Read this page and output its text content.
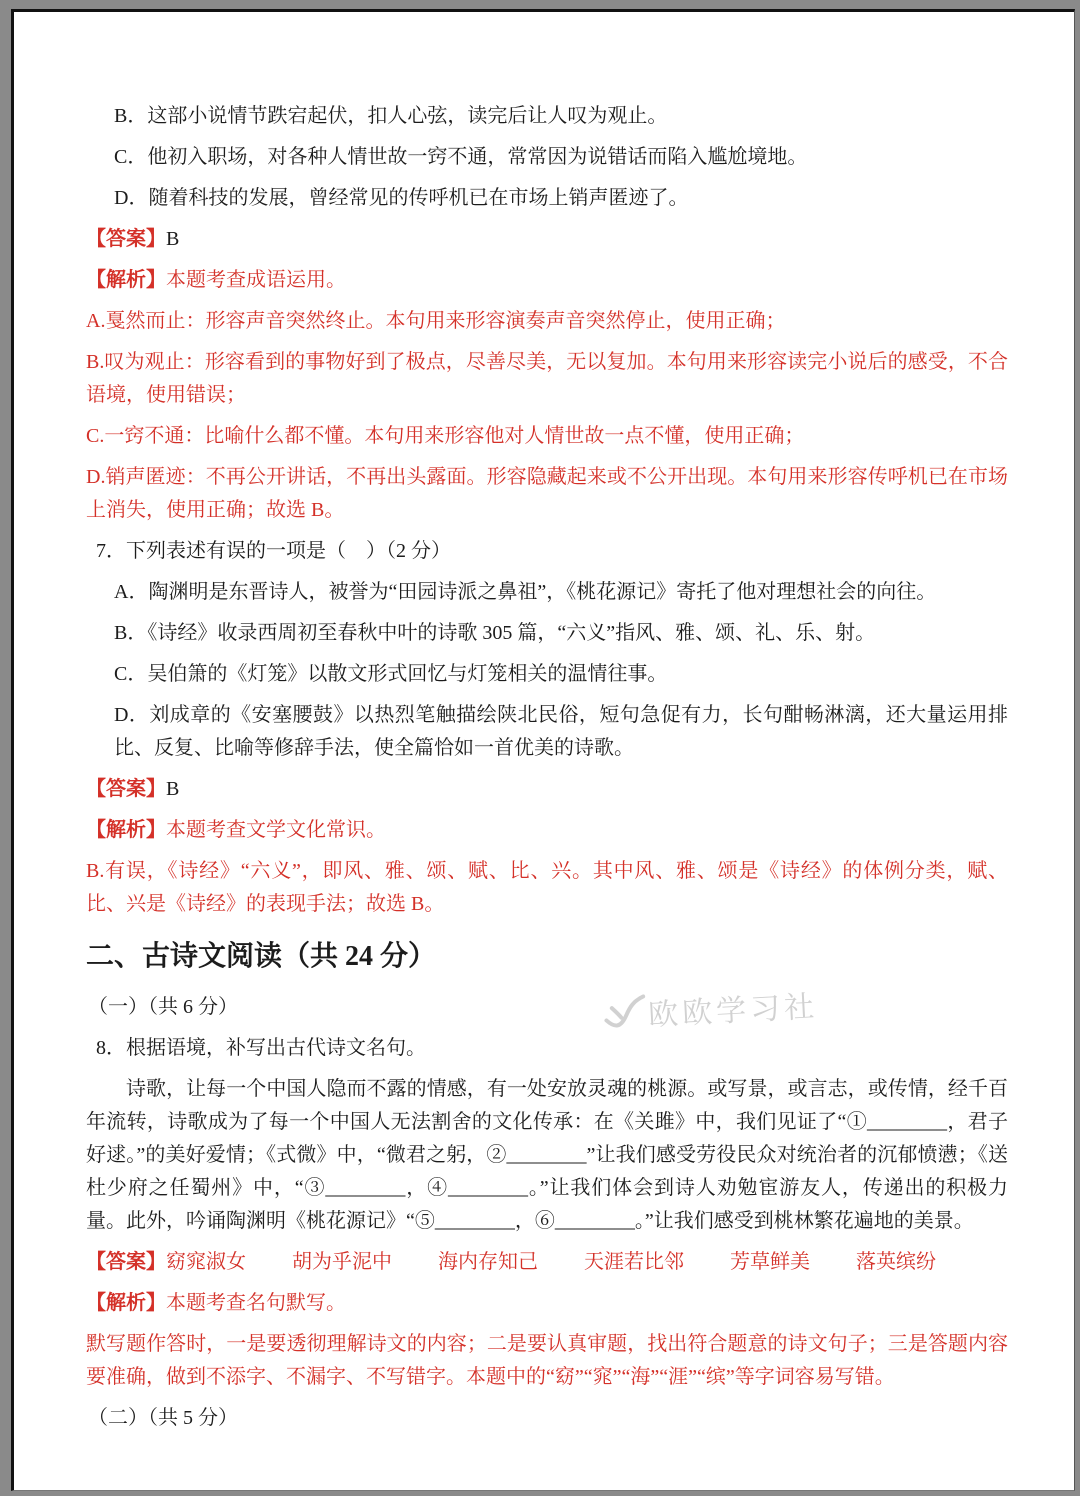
欧欧学习社
B．这部小说情节跌宕起伏，扣人心弦，读完后让人叹为观止。
C．他初入职场，对各种人情世故一窍不通，常常因为说错话而陷入尴尬境地。
D．随着科技的发展，曾经常见的传呼机已在市场上销声匿迹了。
【答案】B
【解析】本题考查成语运用。
A.戛然而止：形容声音突然终止。本句用来形容演奏声音突然停止，使用正确；
B.叹为观止：形容看到的事物好到了极点，尽善尽美，无以复加。本句用来形容读完小说后的感受，不合语境，使用错误；
C.一窍不通：比喻什么都不懂。本句用来形容他对人情世故一点不懂，使用正确；
D.销声匿迹：不再公开讲话，不再出头露面。形容隐藏起来或不公开出现。本句用来形容传呼机已在市场上消失，使用正确；故选 B。
7．下列表述有误的一项是（　）（2 分）
A．陶渊明是东晋诗人，被誉为“田园诗派之鼻祖”，《桃花源记》寄托了他对理想社会的向往。
B．《诗经》收录西周初至春秋中叶的诗歌 305 篇，“六义”指风、雅、颂、礼、乐、射。
C．吴伯箫的《灯笼》以散文形式回忆与灯笼相关的温情往事。
D．刘成章的《安塞腰鼓》以热烈笔触描绘陕北民俗，短句急促有力，长句酣畅淋漓，还大量运用排比、反复、比喻等修辞手法，使全篇恰如一首优美的诗歌。
【答案】B
【解析】本题考查文学文化常识。
B.有误，《诗经》“六义”，即风、雅、颂、赋、比、兴。其中风、雅、颂是《诗经》的体例分类，赋、比、兴是《诗经》的表现手法；故选 B。
二、古诗文阅读（共 24 分）
（一）（共 6 分）
8．根据语境，补写出古代诗文名句。
诗歌，让每一个中国人隐而不露的情感，有一处安放灵魂的桃源。或写景，或言志，或传情，经千百年流转，诗歌成为了每一个中国人无法割舍的文化传承：在《关雎》中，我们见证了“①________，君子好逑。”的美好爱情；《式微》中，“微君之躬，②________”让我们感受劳役民众对统治者的沉郁愤懑；《送杜少府之任蜀州》中，“③________，④________。”让我们体会到诗人劝勉宦游友人，传递出的积极力量。此外，吟诵陶渊明《桃花源记》“⑤________，⑥________。”让我们感受到桃林繁花遍地的美景。
【答案】窈窕淑女 胡为乎泥中 海内存知己 天涯若比邻 芳草鲜美 落英缤纷
【解析】本题考查名句默写。
默写题作答时，一是要透彻理解诗文的内容；二是要认真审题，找出符合题意的诗文句子；三是答题内容要准确，做到不添字、不漏字、不写错字。本题中的“窈”“窕”“海”“涯”“缤”等字词容易写错。
（二）（共 5 分）
